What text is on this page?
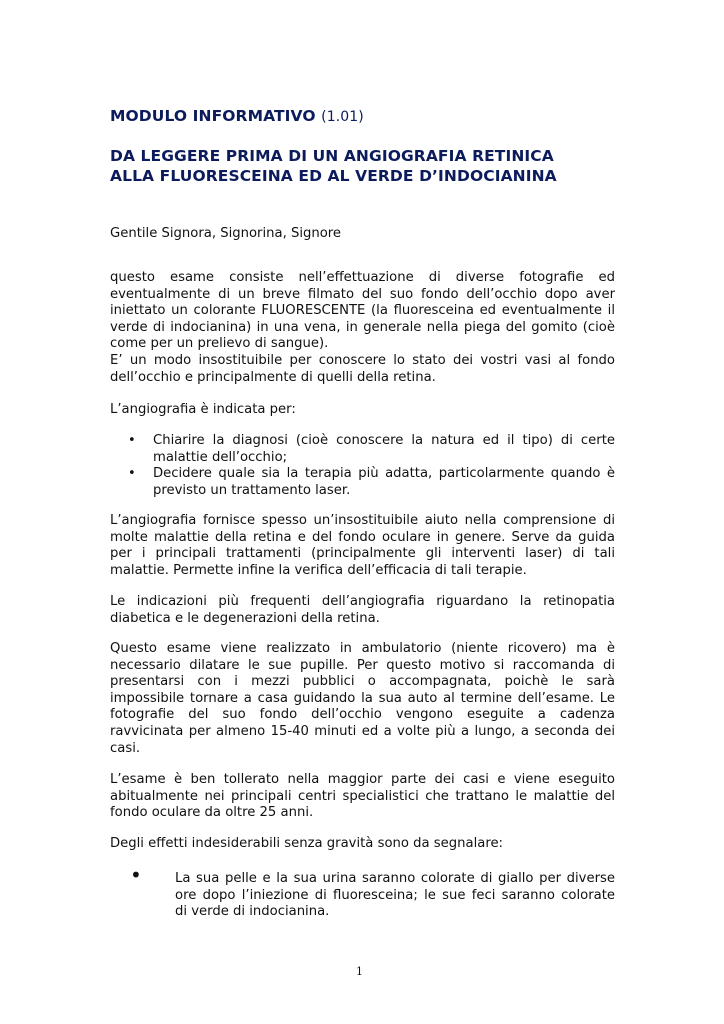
MODULO INFORMATIVO (1.01)
DA LEGGERE PRIMA DI UN ANGIOGRAFIA RETINICA
ALLA FLUORESCEINA ED AL VERDE D’INDOCIANINA
Gentile Signora, Signorina, Signore
questo esame consiste nell’effettuazione di diverse fotografie ed
eventualmente di un breve filmato del suo fondo dell’occhio dopo aver
iniettato un colorante FLUORESCENTE (la fluoresceina ed eventualmente il
verde di indocianina) in una vena, in generale nella piega del gomito (cioè
come per un prelievo di sangue).
E’ un modo insostituibile per conoscere lo stato dei vostri vasi al fondo
dell’occhio e principalmente di quelli della retina.
L’angiografia è indicata per:
• Chiarire la diagnosi (cioè conoscere la natura ed il tipo) di certe
malattie dell’occhio;
• Decidere quale sia la terapia più adatta, particolarmente quando è
previsto un trattamento laser.
L’angiografia fornisce spesso un’insostituibile aiuto nella comprensione di
molte malattie della retina e del fondo oculare in genere. Serve da guida
per i principali trattamenti (principalmente gli interventi laser) di tali
malattie. Permette infine la verifica dell’efficacia di tali terapie.
Le indicazioni più frequenti dell’angiografia riguardano la retinopatia
diabetica e le degenerazioni della retina.
Questo esame viene realizzato in ambulatorio (niente ricovero) ma è
necessario dilatare le sue pupille. Per questo motivo si raccomanda di
presentarsi con i mezzi pubblici o accompagnata, poichè le sarà
impossibile tornare a casa guidando la sua auto al termine dell’esame. Le
fotografie del suo fondo dell’occhio vengono eseguite a cadenza
ravvicinata per almeno 15-40 minuti ed a volte più a lungo, a seconda dei
casi.
L’esame è ben tollerato nella maggior parte dei casi e viene eseguito
abitualmente nei principali centri specialistici che trattano le malattie del
fondo oculare da oltre 25 anni.
Degli effetti indesiderabili senza gravità sono da segnalare:
•	La sua pelle e la sua urina saranno colorate di giallo per diverse
ore dopo l’iniezione di fluoresceina; le sue feci saranno colorate
di verde di indocianina.
1
